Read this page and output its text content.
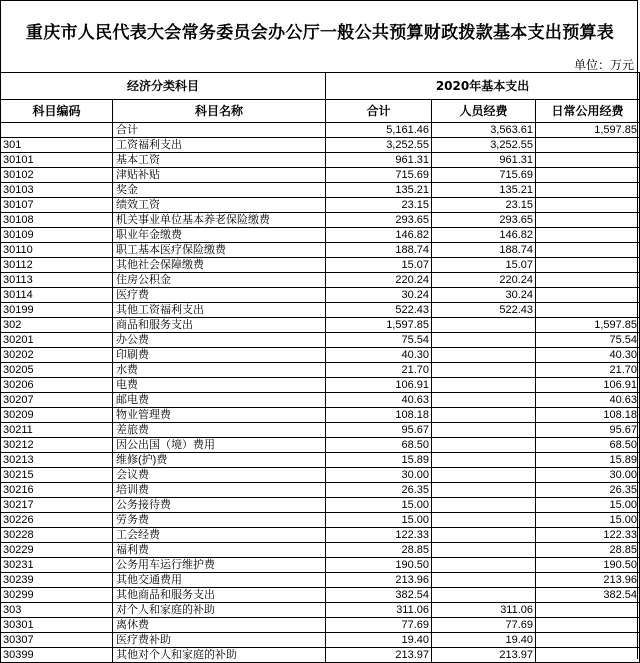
重庆市人民代表大会常务委员会办公厅一般公共预算财政拨款基本支出预算表
单位：万元
经济分类科目		2020年基本支出		
科目编码	科目名称	合计	人员经费	日常公用经费
	合计	5,161.46	3,563.61	1,597.85
301	工资福利支出	3,252.55	3,252.55	
30101	基本工资	961.31	961.31	
30102	津贴补贴	715.69	715.69	
30103	奖金	135.21	135.21	
30107	绩效工资	23.15	23.15	
30108	机关事业单位基本养老保险缴费	293.65	293.65	
30109	职业年金缴费	146.82	146.82	
30110	职工基本医疗保险缴费	188.74	188.74	
30112	其他社会保障缴费	15.07	15.07	
30113	住房公积金	220.24	220.24	
30114	医疗费	30.24	30.24	
30199	其他工资福利支出	522.43	522.43	
302	商品和服务支出	1,597.85		1,597.85
30201	办公费	75.54		75.54
30202	印刷费	40.30		40.30
30205	水费	21.70		21.70
30206	电费	106.91		106.91
30207	邮电费	40.63		40.63
30209	物业管理费	108.18		108.18
30211	差旅费	95.67		95.67
30212	因公出国（境）费用	68.50		68.50
30213	维修(护)费	15.89		15.89
30215	会议费	30.00		30.00
30216	培训费	26.35		26.35
30217	公务接待费	15.00		15.00
30226	劳务费	15.00		15.00
30228	工会经费	122.33		122.33
30229	福利费	28.85		28.85
30231	公务用车运行维护费	190.50		190.50
30239	其他交通费用	213.96		213.96
30299	其他商品和服务支出	382.54		382.54
303	对个人和家庭的补助	311.06	311.06	
30301	离休费	77.69	77.69	
30307	医疗费补助	19.40	19.40	
30399	其他对个人和家庭的补助	213.97	213.97	
